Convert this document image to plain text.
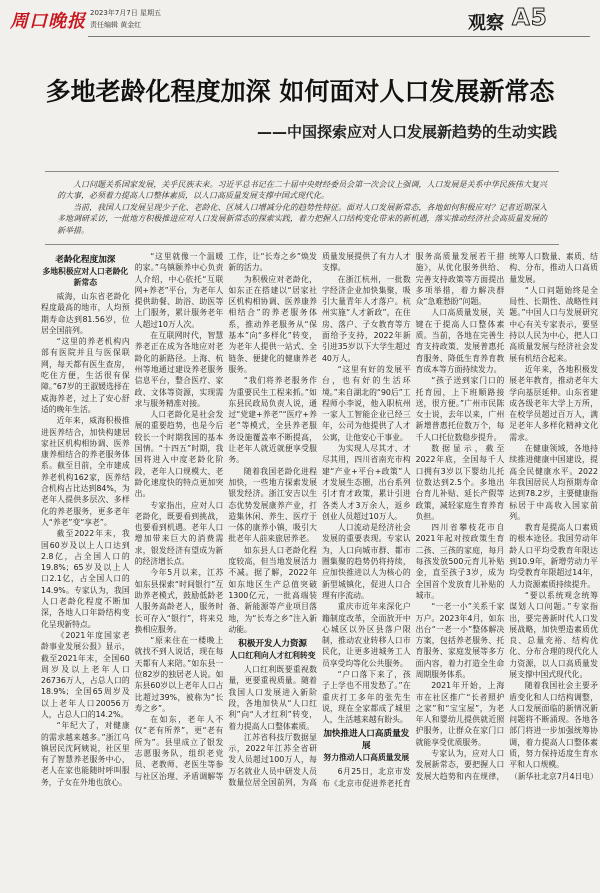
周口晚报 2023年7月7日 星期五
责任编辑 黄金红	观察 A5
多地老龄化程度加深 如何面对人口发展新常态
——中国探索应对人口发展新趋势的生动实践

人口问题关系国家发展，关乎民族未来。习近平总书记在二十届中央财经委员会第一次会议上强调，人口发展是关系中华民族伟大复兴的大事，必须着力提高人口整体素质，以人口高质量发展支撑中国式现代化。

当前，我国人口发展呈现少子化、老龄化、区域人口增减分化的趋势性特征。面对人口发展新常态，各地如何积极应对？记者近期深入多地调研采访，一批地方积极推进应对人口发展新常态的探索实践，着力把握人口结构变化带来的新机遇，落实推动经济社会高质量发展的新举措。

老龄化程度加深
多地积极应对人口老龄化新常态

威海，山东省老龄化程度最高的地市，人均预期寿命达到81.56岁，位居全国前列。

“这里的养老机构内部有医院并且与医保联网，每天都有医生查房，吃住方便，生活很有保障。”67岁的王淑媛选择在威海养老，过上了安心舒适的晚年生活。

近年来，威海积极推进医养结合，加快构建居家社区机构相协调、医养康养相结合的养老服务体系。截至目前，全市建成养老机构162家，医养结合机构占比达到84%，为老年人提供多层次、多样化的养老服务，更多老年人“养老”变“享老”。

截至2022年末，我国60岁及以上人口达到2.8亿，占全国人口的19.8%；65岁及以上人口2.1亿，占全国人口的14.9%。专家认为，我国人口老龄化程度不断加深，各地人口年龄结构变化呈现新特点。

《2021年度国家老龄事业发展公报》显示，截至2021年末，全国60周岁及以上老年人口26736万人，占总人口的18.9%；全国65周岁及以上老年人口20056万人，占总人口的14.2%。

“年纪大了，对健康的需求越来越多。”浙江乌镇居民沈阿姨说，社区里有了智慧养老服务中心，老人在家也能随时呼叫服务，子女在外地也放心。

“这里就像一个温暖的家。”乌镇颐养中心负责人介绍，中心依托“互联网+养老”平台，为老年人提供助餐、助浴、助医等上门服务，累计服务老年人超过10万人次。

在互联网时代，智慧养老正在成为各地应对老龄化的新路径。上海、杭州等地通过建设养老服务信息平台，整合医疗、家政、文体等资源，实现需求与服务精准对接。

人口老龄化是社会发展的重要趋势，也是今后较长一个时期我国的基本国情。“十四五”时期，我国将进入中度老龄化阶段，老年人口规模大、老龄化速度快的特点更加突出。

专家指出，应对人口老龄化，既要看到挑战，也要看到机遇。老年人口增加带来巨大的消费需求，银发经济有望成为新的经济增长点。

今年5月以来，江苏如东县探索“时间银行”互助养老模式，鼓励低龄老人服务高龄老人，服务时长可存入“银行”，将来兑换相应服务。

“原来住在一楼晚上就找不到人说话，现在每天都有人来陪。”如东县一位82岁的独居老人说。如东县60岁以上老年人口占比超过39%，被称为“长寿之乡”。

在如东，老年人不仅“老有所养”，更“老有所为”。县里成立了银发志愿服务队，组织老党员、老教师、老医生等参与社区治理、矛盾调解等工作，让“长寿之乡”焕发新的活力。

为积极应对老龄化，如东正在搭建以“居家社区机构相协调、医养康养相结合”的养老服务体系，推动养老服务从“保基本”向“多样化”转变，为老年人提供一站式、全链条、便捷化的健康养老服务。

“我们将养老服务作为重要民生工程来抓。”如东县民政局负责人说，通过“党建+养老”“医疗+养老”等模式，全县养老服务设施覆盖率不断提高，让老年人就近就便享受服务。

随着我国老龄化进程加快，一些地方探索发展银发经济。浙江安吉以生态优势发展康养产业，打造集休闲、养生、医疗于一体的康养小镇，吸引大批老年人前来旅居养老。

如东县人口老龄化程度较高，但当地发展活力不减。据了解，2022年如东地区生产总值突破1300亿元，一批高端装备、新能源等产业项目落地，为“长寿之乡”注入新动能。

积极开发人力资源
人口红利向人才红利转变

人口红利既要重视数量，更要重视质量。随着我国人口发展进入新阶段，各地加快从“人口红利”向“人才红利”转变，着力提高人口整体素质。

江苏省科技厅数据显示，2022年江苏全省研发人员超过100万人，每万名就业人员中研发人员数量位居全国前列，为高质量发展提供了有力人才支撑。

在浙江杭州，一批数字经济企业加快集聚，吸引大量青年人才落户。杭州实施“人才新政”，在住房、落户、子女教育等方面给予支持，2022年新引进35岁以下大学生超过40万人。

“这里有好的发展平台，也有好的生活环境。”来自湖北的“90后”工程师小李说，他入职杭州一家人工智能企业已经三年，公司为他提供了人才公寓，让他安心干事业。

为实现人尽其才、才尽其用，四川省南充市构建“产业+平台+政策”人才发展生态圈，出台系列引才育才政策，累计引进各类人才3万余人，返乡创业人员超过10万人。

人口流动是经济社会发展的重要表现。专家认为，人口向城市群、都市圈集聚的趋势仍将持续，应加快推进以人为核心的新型城镇化，促进人口合理有序流动。

重庆市近年来深化户籍制度改革，全面放开中心城区以外区县落户限制，推动农业转移人口市民化，让更多进城务工人员享受均等化公共服务。

“户口落下来了，孩子上学也不用发愁了。”在重庆打工多年的张先生说，现在全家都成了城里人，生活越来越有盼头。

加快推进人口高质量发展
努力推动人口高质量发展

6月25日，北京市发布《北京市促进养老托育服务高质量发展若干措施》，从优化服务供给、完善支持政策等方面提出多项举措，着力解决群众“急难愁盼”问题。

人口高质量发展，关键在于提高人口整体素质。当前，各地在完善生育支持政策、发展普惠托育服务、降低生育养育教育成本等方面持续发力。

“孩子送到家门口的托育园，上下班顺路接送，很方便。”广州市民陈女士说，去年以来，广州新增普惠托位数万个，每千人口托位数稳步提升。

数据显示，截至2022年底，全国每千人口拥有3岁以下婴幼儿托位数达到2.5个。多地出台育儿补贴、延长产假等政策，减轻家庭生育养育负担。

四川省攀枝花市自2021年起对按政策生育二孩、三孩的家庭，每月每孩发放500元育儿补贴金，直至孩子3岁，成为全国首个发放育儿补贴的城市。

“一老一小”关系千家万户。2023年4月，如东出台“一老一小”整体解决方案，包括养老服务、托育服务、家庭发展等多方面内容，着力打造全生命周期服务体系。

2021年开始，上海市在社区推广“长者照护之家”和“宝宝屋”，为老年人和婴幼儿提供就近照护服务，让群众在家门口就能享受优质服务。

专家认为，应对人口发展新常态，要把握人口发展大趋势和内在规律，统筹人口数量、素质、结构、分布，推动人口高质量发展。

“人口问题始终是全局性、长期性、战略性问题。”中国人口与发展研究中心有关专家表示，要坚持以人民为中心，把人口高质量发展与经济社会发展有机结合起来。

近年来，各地积极发展老年教育，推动老年大学向基层延伸。山东省建成各级老年大学上万所，在校学员超过百万人，满足老年人多样化精神文化需求。

在健康领域，各地持续推进健康中国建设，提高全民健康水平。2022年我国居民人均预期寿命达到78.2岁，主要健康指标居于中高收入国家前列。

教育是提高人口素质的根本途径。我国劳动年龄人口平均受教育年限达到10.9年，新增劳动力平均受教育年限超过14年，人力资源素质持续提升。

“要以系统观念统筹谋划人口问题。”专家指出，要完善新时代人口发展战略，加快塑造素质优良、总量充裕、结构优化、分布合理的现代化人力资源，以人口高质量发展支撑中国式现代化。

随着我国社会主要矛盾变化和人口结构调整，人口发展面临的新情况新问题将不断涌现。各地各部门将进一步加强统筹协调，着力提高人口整体素质，努力保持适度生育水平和人口规模。

（新华社北京7月4日电）
